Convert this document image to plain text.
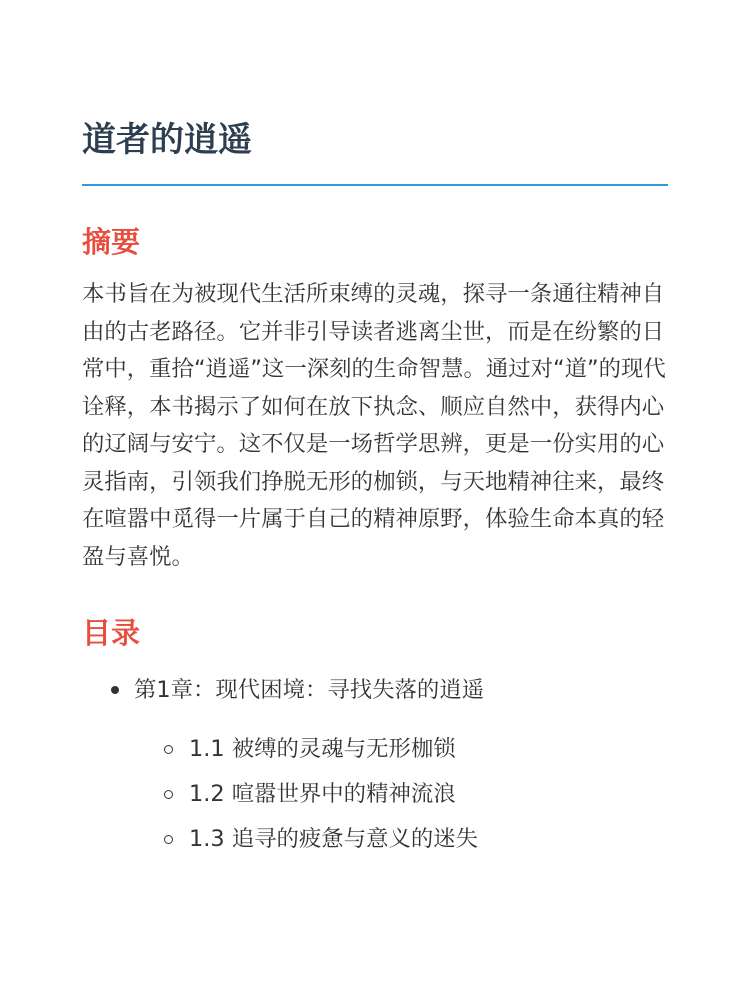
道者的逍遥
摘要

本书旨在为被现代生活所束缚的灵魂，探寻一条通往精神自由的古老路径。它并非引导读者逃离尘世，而是在纷繁的日常中，重拾“逍遥”这一深刻的生命智慧。通过对“道”的现代诠释，本书揭示了如何在放下执念、顺应自然中，获得内心的辽阔与安宁。这不仅是一场哲学思辨，更是一份实用的心灵指南，引领我们挣脱无形的枷锁，与天地精神往来，最终在喧嚣中觅得一片属于自己的精神原野，体验生命本真的轻盈与喜悦。

目录
第1章：现代困境：寻找失落的逍遥
1.1 被缚的灵魂与无形枷锁
1.2 喧嚣世界中的精神流浪
1.3 追寻的疲惫与意义的迷失
